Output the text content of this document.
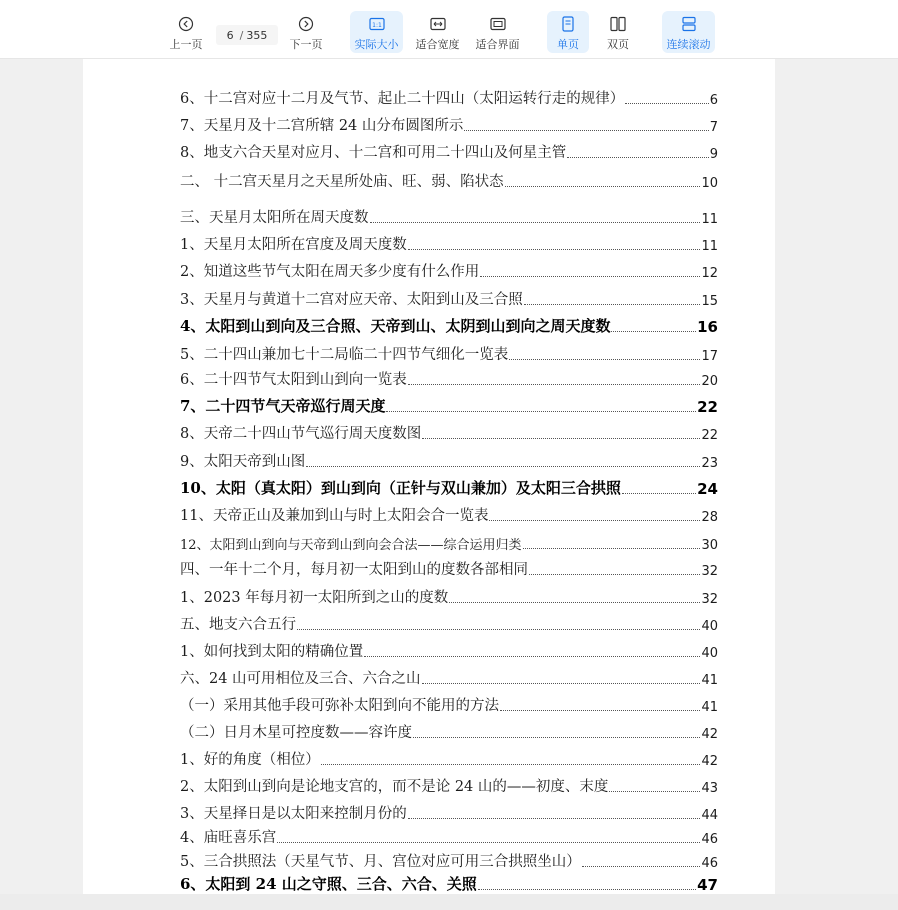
上一页
6 / 355
下一页
1:1
实际大小 适合宽度 适合界面	单页	双页	连续滚动
6、十二宫对应十二月及气节、起止二十四山（太阳运转行走的规律）	6
7、天星月及十二宫所辖 24 山分布圆图所示	7
8、地支六合天星对应月、十二宫和可用二十四山及何星主管	9
二、 十二宫天星月之天星所处庙、旺、弱、陷状态	10
三、天星月太阳所在周天度数	11
1、天星月太阳所在宫度及周天度数	11
2、知道这些节气太阳在周天多少度有什么作用	12
3、天星月与黄道十二宫对应天帝、太阳到山及三合照	15
4、太阳到山到向及三合照、天帝到山、太阴到山到向之周天度数	16
5、二十四山兼加七十二局临二十四节气细化一览表	17
6、二十四节气太阳到山到向一览表	20
7、二十四节气天帝巡行周天度	22
8、天帝二十四山节气巡行周天度数图	22
9、太阳天帝到山图	23
10、太阳（真太阳）到山到向（正针与双山兼加）及太阳三合拱照	24
11、天帝正山及兼加到山与时上太阳会合一览表	28
12、太阳到山到向与天帝到山到向会合法——综合运用归类	30
四、一年十二个月，每月初一太阳到山的度数各部相同	32
1、2023 年每月初一太阳所到之山的度数	32
五、地支六合五行	40
1、如何找到太阳的精确位置	40
六、24 山可用相位及三合、六合之山	41
（一）采用其他手段可弥补太阳到向不能用的方法	41
（二）日月木星可控度数——容许度	42
1、好的角度（相位）	42
2、太阳到山到向是论地支宫的，而不是论 24 山的——初度、末度	43
3、天星择日是以太阳来控制月份的	44
4、庙旺喜乐宫	46
5、三合拱照法（天星气节、月、宫位对应可用三合拱照坐山）	46
6、太阳到 24 山之守照、三合、六合、关照	47
